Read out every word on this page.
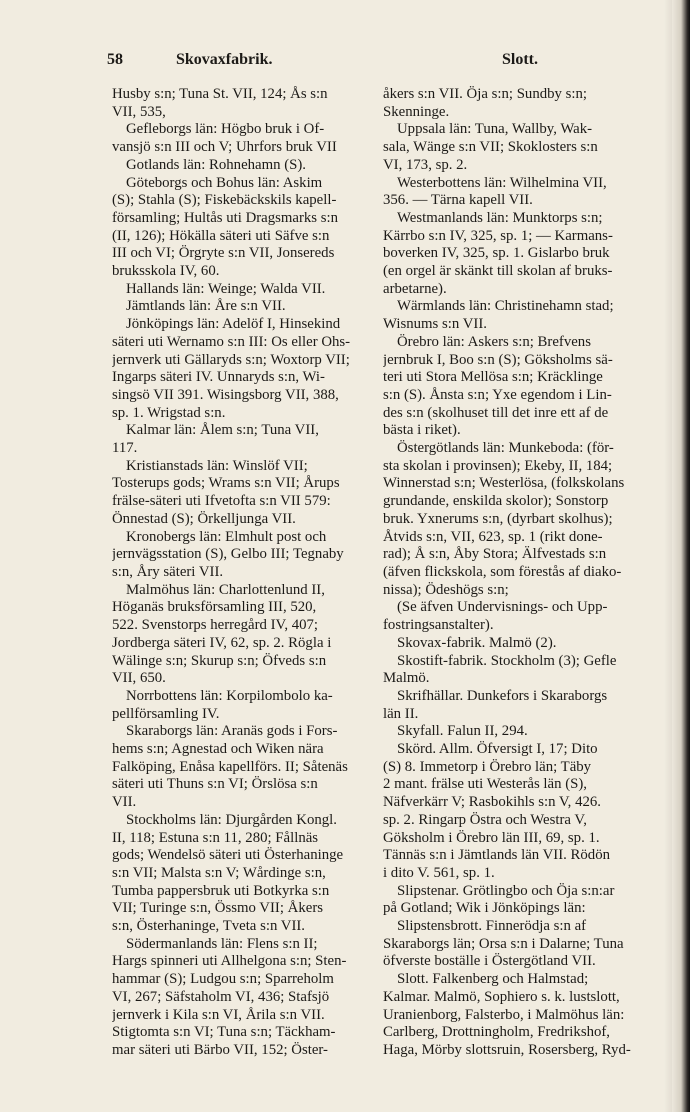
58	Skovaxfabrik.	Slott.
Husby s:n; Tuna St. VII, 124; Ås s:n
VII, 535,
Gefleborgs län: Högbo bruk i Of-
vansjö s:n III och V; Uhrfors bruk VII
Gotlands län: Rohnehamn (S).
Göteborgs och Bohus län: Askim
(S); Stahla (S); Fiskebäckskils kapell-
församling; Hultås uti Dragsmarks s:n
(II, 126); Hökälla säteri uti Säfve s:n
III och VI; Örgryte s:n VII, Jonsereds
bruksskola IV, 60.
Hallands län: Weinge; Walda VII.
Jämtlands län: Åre s:n VII.
Jönköpings län: Adelöf I, Hinsekind
säteri uti Wernamo s:n III: Os eller Ohs-
jernverk uti Gällaryds s:n; Woxtorp VII;
Ingarps säteri IV. Unnaryds s:n, Wi-
singsö VII 391. Wisingsborg VII, 388,
sp. 1. Wrigstad s:n.
Kalmar län: Ålem s:n; Tuna VII,
117.
Kristianstads län: Winslöf VII;
Tosterups gods; Wrams s:n VII; Årups
frälse-säteri uti Ifvetofta s:n VII 579:
Önnestad (S); Örkelljunga VII.
Kronobergs län: Elmhult post och
jernvägsstation (S), Gelbo III; Tegnaby
s:n, Åry säteri VII.
Malmöhus län: Charlottenlund II,
Höganäs bruksförsamling III, 520,
522. Svenstorps herregård IV, 407;
Jordberga säteri IV, 62, sp. 2. Rögla i
Wälinge s:n; Skurup s:n; Öfveds s:n
VII, 650.
Norrbottens län: Korpilombolo ka-
pellförsamling IV.
Skaraborgs län: Aranäs gods i Fors-
hems s:n; Agnestad och Wiken nära
Falköping, Enåsa kapellförs. II; Såtenäs
säteri uti Thuns s:n VI; Örslösa s:n
VII.
Stockholms län: Djurgården Kongl.
II, 118; Estuna s:n 11, 280; Fållnäs
gods; Wendelsö säteri uti Österhaninge
s:n VII; Malsta s:n V; Wårdinge s:n,
Tumba pappersbruk uti Botkyrka s:n
VII; Turinge s:n, Össmo VII; Åkers
s:n, Österhaninge, Tveta s:n VII.
Södermanlands län: Flens s:n II;
Hargs spinneri uti Allhelgona s:n; Sten-
hammar (S); Ludgou s:n; Sparreholm
VI, 267; Säfstaholm VI, 436; Stafsjö
jernverk i Kila s:n VI, Årila s:n VII.
Stigtomta s:n VI; Tuna s:n; Täckham-
mar säteri uti Bärbo VII, 152; Öster-
åkers s:n VII. Öja s:n; Sundby s:n;
Skenninge.
Uppsala län: Tuna, Wallby, Wak-
sala, Wänge s:n VII; Skoklosters s:n
VI, 173, sp. 2.
Westerbottens län: Wilhelmina VII,
356. — Tärna kapell VII.
Westmanlands län: Munktorps s:n;
Kärrbo s:n IV, 325, sp. 1; — Karmans-
boverken IV, 325, sp. 1. Gislarbo bruk
(en orgel är skänkt till skolan af bruks-
arbetarne).
Wärmlands län: Christinehamn stad;
Wisnums s:n VII.
Örebro län: Askers s:n; Brefvens
jernbruk I, Boo s:n (S); Göksholms sä-
teri uti Stora Mellösa s:n; Kräcklinge
s:n (S). Ånsta s:n; Yxe egendom i Lin-
des s:n (skolhuset till det inre ett af de
bästa i riket).
Östergötlands län: Munkeboda: (för-
sta skolan i provinsen); Ekeby, II, 184;
Winnerstad s:n; Westerlösa, (folkskolans
grundande, enskilda skolor); Sonstorp
bruk. Yxnerums s:n, (dyrbart skolhus);
Åtvids s:n, VII, 623, sp. 1 (rikt done-
rad); Å s:n, Åby Stora; Älfvestads s:n
(äfven flickskola, som förestås af diako-
nissa); Ödeshögs s:n;
(Se äfven Undervisnings- och Upp-
fostringsanstalter).
Skovax-fabrik. Malmö (2).
Skostift-fabrik. Stockholm (3); Gefle
Malmö.
Skrifhällar. Dunkefors i Skaraborgs
län II.
Skyfall. Falun II, 294.
Skörd. Allm. Öfversigt I, 17; Dito
(S) 8. Immetorp i Örebro län; Täby
2 mant. frälse uti Westerås län (S),
Näfverkärr V; Rasbokihls s:n V, 426.
sp. 2. Ringarp Östra och Westra V,
Göksholm i Örebro län III, 69, sp. 1.
Tännäs s:n i Jämtlands län VII. Rödön
i dito V. 561, sp. 1.
Slipstenar. Grötlingbo och Öja s:n:ar
på Gotland; Wik i Jönköpings län:
Slipstensbrott. Finnerödja s:n af
Skaraborgs län; Orsa s:n i Dalarne; Tuna
öfverste boställe i Östergötland VII.
Slott. Falkenberg och Halmstad;
Kalmar. Malmö, Sophiero s. k. lustslott,
Uranienborg, Falsterbo, i Malmöhus län:
Carlberg, Drottningholm, Fredrikshof,
Haga, Mörby slottsruin, Rosersberg, Ryd-
